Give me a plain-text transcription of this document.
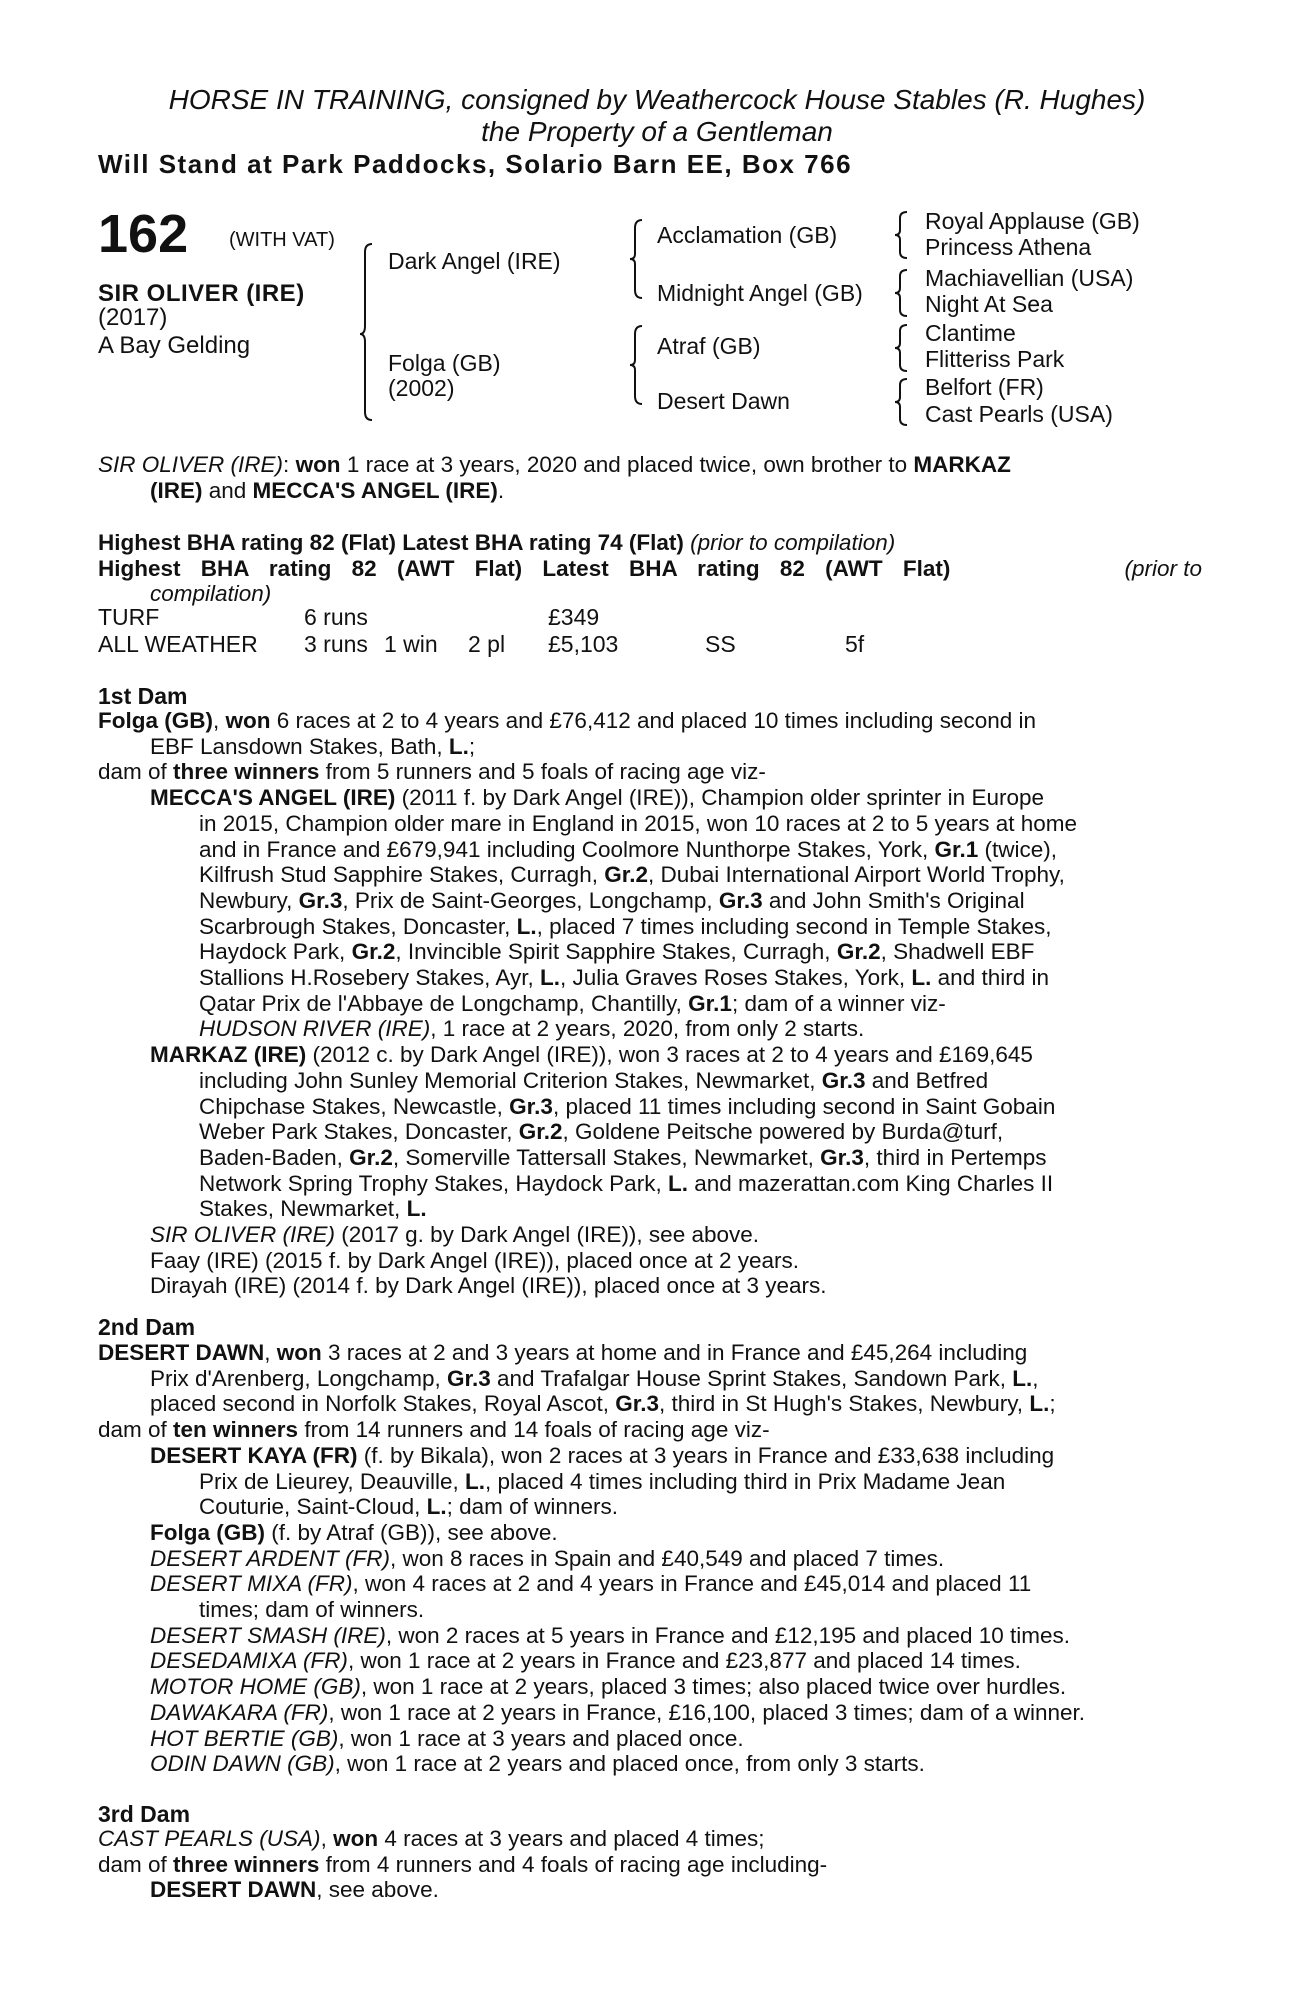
HORSE IN TRAINING, consigned by Weathercock House Stables (R. Hughes)
the Property of a Gentleman
Will Stand at Park Paddocks, Solario Barn EE, Box 766
162 (WITH VAT)
SIR OLIVER (IRE)
(2017)
A Bay Gelding
Dark Angel (IRE)
Folga (GB)
(2002)
Acclamation (GB)
Midnight Angel (GB)
Atraf (GB)
Desert Dawn
Royal Applause (GB)
Princess Athena
Machiavellian (USA)
Night At Sea
Clantime
Flitteriss Park
Belfort (FR)
Cast Pearls (USA)
SIR OLIVER (IRE): won 1 race at 3 years, 2020 and placed twice, own brother to MARKAZ
(IRE) and MECCA'S ANGEL (IRE).
Highest BHA rating 82 (Flat) Latest BHA rating 74 (Flat) (prior to compilation)
Highest BHA rating 82 (AWT Flat) Latest BHA rating 82 (AWT Flat)	(prior to
compilation)
TURF	6 runs	£349
ALL WEATHER 3 runs 1 win 2 pl £5,103	SS	5f
1st Dam
Folga (GB), won 6 races at 2 to 4 years and £76,412 and placed 10 times including second in
EBF Lansdown Stakes, Bath, L.;
dam of three winners from 5 runners and 5 foals of racing age viz-
MECCA'S ANGEL (IRE) (2011 f. by Dark Angel (IRE)), Champion older sprinter in Europe
in 2015, Champion older mare in England in 2015, won 10 races at 2 to 5 years at home
and in France and £679,941 including Coolmore Nunthorpe Stakes, York, Gr.1 (twice),
Kilfrush Stud Sapphire Stakes, Curragh, Gr.2, Dubai International Airport World Trophy,
Newbury, Gr.3, Prix de Saint-Georges, Longchamp, Gr.3 and John Smith's Original
Scarbrough Stakes, Doncaster, L., placed 7 times including second in Temple Stakes,
Haydock Park, Gr.2, Invincible Spirit Sapphire Stakes, Curragh, Gr.2, Shadwell EBF
Stallions H.Rosebery Stakes, Ayr, L., Julia Graves Roses Stakes, York, L. and third in
Qatar Prix de l'Abbaye de Longchamp, Chantilly, Gr.1; dam of a winner viz-
HUDSON RIVER (IRE), 1 race at 2 years, 2020, from only 2 starts.
MARKAZ (IRE) (2012 c. by Dark Angel (IRE)), won 3 races at 2 to 4 years and £169,645
including John Sunley Memorial Criterion Stakes, Newmarket, Gr.3 and Betfred
Chipchase Stakes, Newcastle, Gr.3, placed 11 times including second in Saint Gobain
Weber Park Stakes, Doncaster, Gr.2, Goldene Peitsche powered by Burda@turf,
Baden-Baden, Gr.2, Somerville Tattersall Stakes, Newmarket, Gr.3, third in Pertemps
Network Spring Trophy Stakes, Haydock Park, L. and mazerattan.com King Charles II
Stakes, Newmarket, L.
SIR OLIVER (IRE) (2017 g. by Dark Angel (IRE)), see above.
Faay (IRE) (2015 f. by Dark Angel (IRE)), placed once at 2 years.
Dirayah (IRE) (2014 f. by Dark Angel (IRE)), placed once at 3 years.
2nd Dam
DESERT DAWN, won 3 races at 2 and 3 years at home and in France and £45,264 including
Prix d'Arenberg, Longchamp, Gr.3 and Trafalgar House Sprint Stakes, Sandown Park, L.,
placed second in Norfolk Stakes, Royal Ascot, Gr.3, third in St Hugh's Stakes, Newbury, L.;
dam of ten winners from 14 runners and 14 foals of racing age viz-
DESERT KAYA (FR) (f. by Bikala), won 2 races at 3 years in France and £33,638 including
Prix de Lieurey, Deauville, L., placed 4 times including third in Prix Madame Jean
Couturie, Saint-Cloud, L.; dam of winners.
Folga (GB) (f. by Atraf (GB)), see above.
DESERT ARDENT (FR), won 8 races in Spain and £40,549 and placed 7 times.
DESERT MIXA (FR), won 4 races at 2 and 4 years in France and £45,014 and placed 11
times; dam of winners.
DESERT SMASH (IRE), won 2 races at 5 years in France and £12,195 and placed 10 times.
DESEDAMIXA (FR), won 1 race at 2 years in France and £23,877 and placed 14 times.
MOTOR HOME (GB), won 1 race at 2 years, placed 3 times; also placed twice over hurdles.
DAWAKARA (FR), won 1 race at 2 years in France, £16,100, placed 3 times; dam of a winner.
HOT BERTIE (GB), won 1 race at 3 years and placed once.
ODIN DAWN (GB), won 1 race at 2 years and placed once, from only 3 starts.
3rd Dam
CAST PEARLS (USA), won 4 races at 3 years and placed 4 times;
dam of three winners from 4 runners and 4 foals of racing age including-
DESERT DAWN, see above.
